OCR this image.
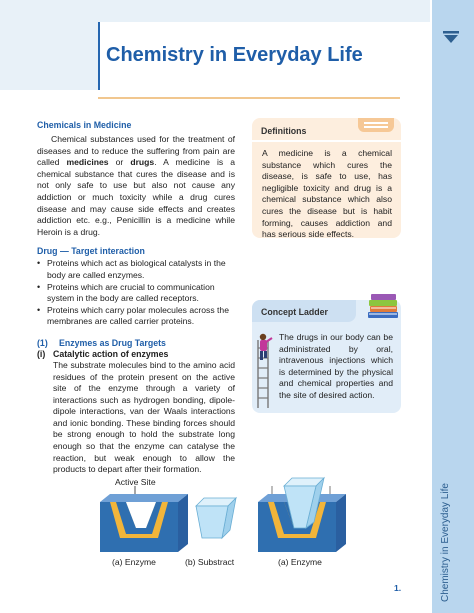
Chemistry in Everyday Life
Chemistry in Everyday Life
Chemicals in Medicine

Chemical substances used for the treatment of diseases and to reduce the suffering from pain are called medicines or drugs. A medicine is a chemical substance that cures the disease and is not only safe to use but also not cause any addiction or much toxicity while a drug cures disease and may cause side effects and creates addiction etc. e.g., Penicillin is a medicine while Heroin is a drug.

Drug — Target interaction
• Proteins which act as biological catalysts in the body are called enzymes.
• Proteins which are crucial to communication system in the body are called receptors.
• Proteins which carry polar molecules across the membranes are called carrier proteins.
(1) Enzymes as Drug Targets
(i) Catalytic action of enzymes

The substrate molecules bind to the amino acid residues of the protein present on the active site of the enzyme through a variety of interactions such as hydrogen bonding, dipole-dipole interactions, van der Waals interactions and ionic bonding. These binding forces should be strong enough to hold the substrate long enough so that the enzyme can catalyse the reaction, but weak enough to allow the products to depart after their formation.

Definitions
A medicine is a chemical substance which cures the disease, is safe to use, has negligible toxicity and drug is a chemical substance which also cures the disease but is habit forming, causes addiction and has serious side effects.
Concept Ladder
The drugs in our body can be administrated by oral, intravenous injections which is determined by the physical and chemical properties and the site of desired action.
Active Site
(a) Enzyme	(b) Substract	(a) Enzyme
1.
